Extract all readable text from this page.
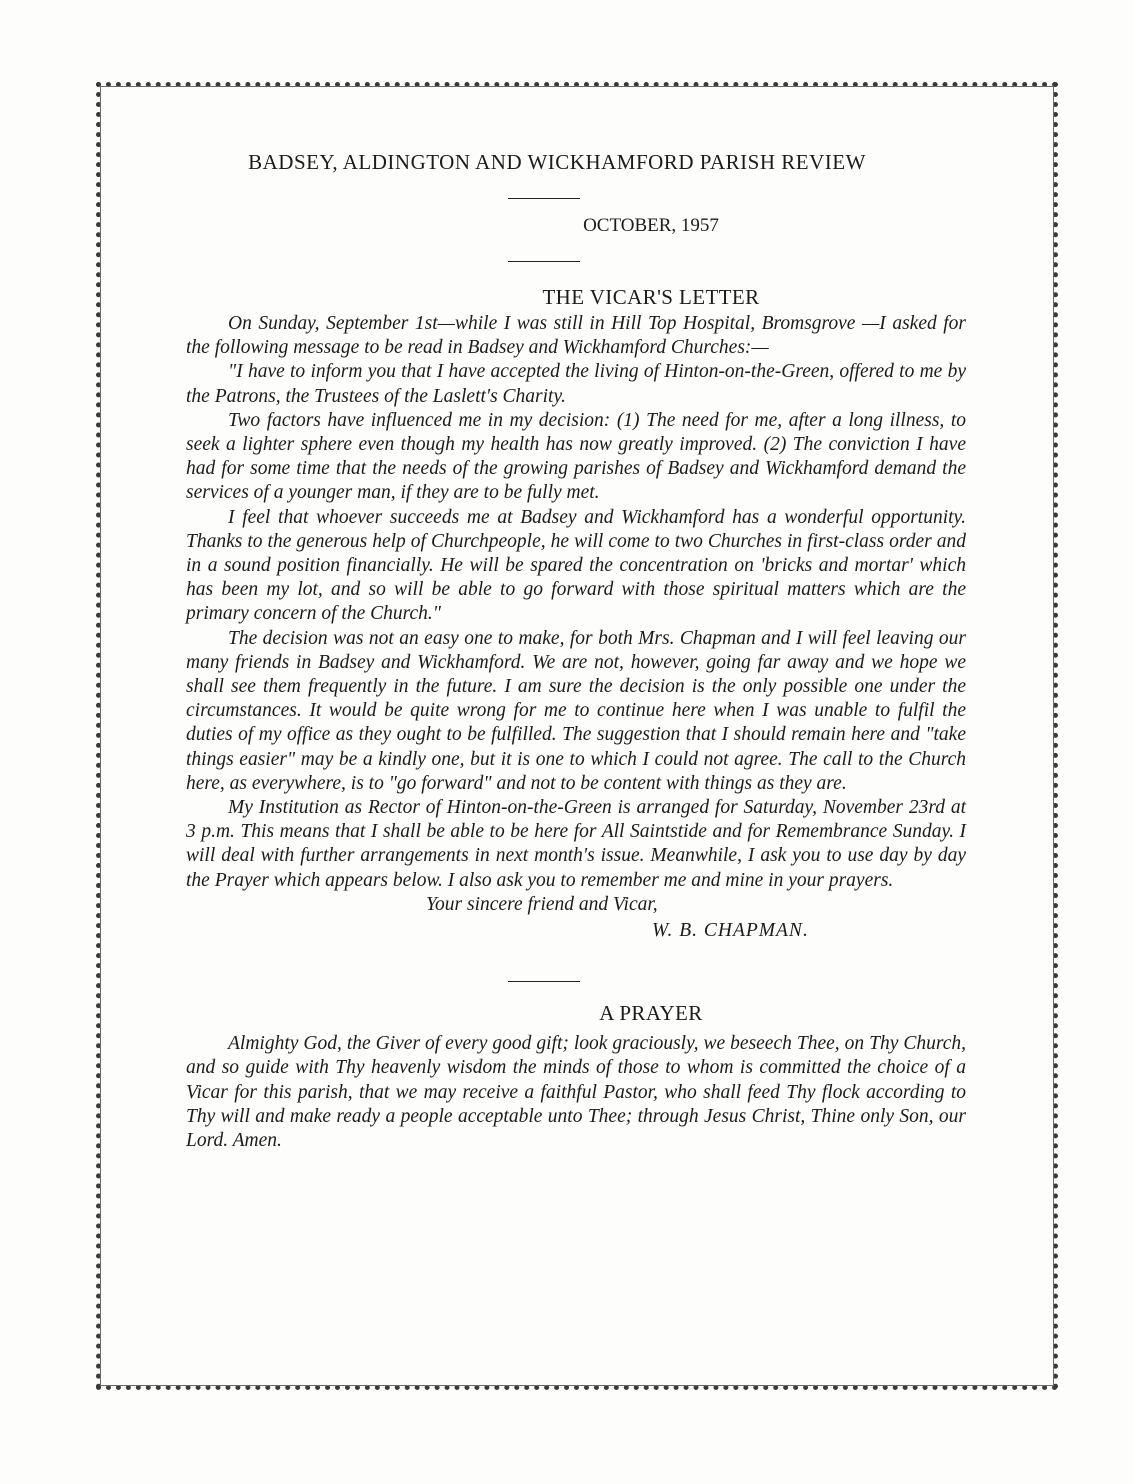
BADSEY, ALDINGTON AND WICKHAMFORD PARISH REVIEW
OCTOBER, 1957
THE VICAR'S LETTER

On Sunday, September 1st—while I was still in Hill Top Hospital, Bromsgrove —I asked for the following message to be read in Badsey and Wickhamford Churches:—

"I have to inform you that I have accepted the living of Hinton-on-the-Green, offered to me by the Patrons, the Trustees of the Laslett's Charity.

Two factors have influenced me in my decision: (1) The need for me, after a long illness, to seek a lighter sphere even though my health has now greatly improved. (2) The conviction I have had for some time that the needs of the growing parishes of Badsey and Wickhamford demand the services of a younger man, if they are to be fully met.

I feel that whoever succeeds me at Badsey and Wickhamford has a wonderful opportunity. Thanks to the generous help of Churchpeople, he will come to two Churches in first-class order and in a sound position financially. He will be spared the concentration on 'bricks and mortar' which has been my lot, and so will be able to go forward with those spiritual matters which are the primary concern of the Church."

The decision was not an easy one to make, for both Mrs. Chapman and I will feel leaving our many friends in Badsey and Wickhamford. We are not, however, going far away and we hope we shall see them frequently in the future. I am sure the decision is the only possible one under the circumstances. It would be quite wrong for me to continue here when I was unable to fulfil the duties of my office as they ought to be fulfilled. The suggestion that I should remain here and "take things easier" may be a kindly one, but it is one to which I could not agree. The call to the Church here, as everywhere, is to "go forward" and not to be content with things as they are.

My Institution as Rector of Hinton-on-the-Green is arranged for Saturday, November 23rd at 3 p.m. This means that I shall be able to be here for All Saintstide and for Remembrance Sunday. I will deal with further arrangements in next month's issue. Meanwhile, I ask you to use day by day the Prayer which appears below. I also ask you to remember me and mine in your prayers.

Your sincere friend and Vicar,
W. B. CHAPMAN.
A PRAYER

Almighty God, the Giver of every good gift; look graciously, we beseech Thee, on Thy Church, and so guide with Thy heavenly wisdom the minds of those to whom is committed the choice of a Vicar for this parish, that we may receive a faithful Pastor, who shall feed Thy flock according to Thy will and make ready a people acceptable unto Thee; through Jesus Christ, Thine only Son, our Lord. Amen.
